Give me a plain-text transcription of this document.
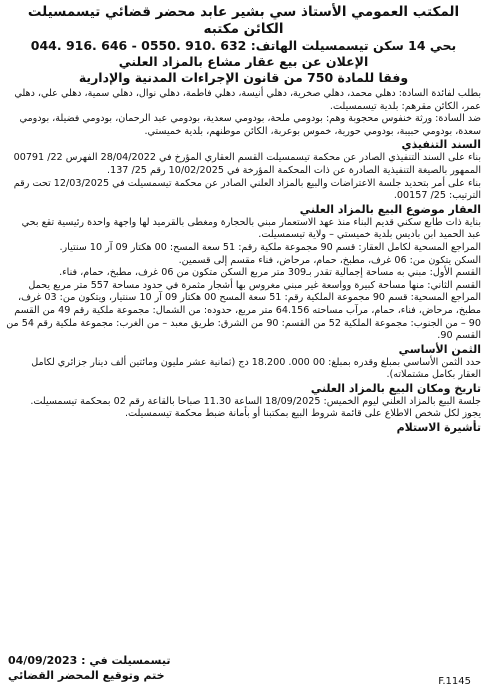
المكتب العمومي الأستاذ سي بشير عابد محضر قضائي تيسمسيلت الكائن مكتبه

بحي 14 سكن تيسمسيلت الهاتف: 632 .910 .0550 - 646 .916 .044

الإعلان عن بيع عقار مشاع بالمزاد العلني

وفقا للمادة 750 من قانون الإجراءات المدنية والإدارية

بطلب لفائدة السادة: دهلي محمد، دهلي صخرية، دهلي أنيسة، دهلي فاطمة، دهلي نوال، دهلي سمية، دهلي علي، دهلي عمر، الكائن مقرهم: بلدية تيسمسيلت.

ضد السادة: ورثة خنفوس محجوبة وهم: بودومي ملحة، بودومي سعدية، بودومي عبد الرحمان، بودومي فضيلة، بودومي سعدة، بودومي حبيبة، بودومي حورية، خموس بوعربة، الكائن موطنهم، بلدية خميستي.

السند التنفيذي

بناء على السند التنفيذي الصادر عن محكمة تيسمسيلت القسم العقاري المؤرخ في 28/04/2022 الفهرس 22/ 00791 الممهور بالصيغة التنفيذية الصادرة عن ذات المحكمة المؤرخة في 10/02/2025 رقم 25/ 137.

بناء على أمر بتحديد جلسة الاعتراضات والبيع بالمزاد العلني الصادر عن محكمة تيسمسيلت في 12/03/2025 تحت رقم الترتيب: 25/ 00157.

العقار موضوع البيع بالمزاد العلني

بناية ذات طابع سكني قديم البناء منذ عهد الاستعمار مبني بالحجارة ومغطى بالقرميد لها واجهة واحدة رئيسية تقع بحي عبد الحميد ابن باديس بلدية خميستي – ولاية تيسمسيلت.

المراجع المسحية لكامل العقار: قسم 90 مجموعة ملكية رقم: 51 سعة المسح: 00 هكتار 09 آر 10 سنتيار.

السكن يتكون من: 06 غرف، مطبخ، حمام، مرحاض، فناء مقسم إلى قسمين.

القسم الأول: مبني به مساحة إجمالية تقدر بـ309 متر مربع السكن متكون من 06 غرف، مطبخ، حمام، فناء.

القسم الثاني: منها مساحة كبيرة وواسعة غير مبني مغروس بها أشجار مثمرة في حدود مساحة 557 متر مربع يحمل المراجع المسحية: قسم 90 مجموعة الملكية رقم: 51 سعة المسح 00 هكتار 09 آر 10 سنتيار، ويتكون من: 03 غرف، مطبخ، مرحاض، فناء، حمام، مرآب مساحته 64.156 متر مربع، حدوده: من الشمال: مجموعة ملكية رقم 49 من القسم 90 – من الجنوب: مجموعة الملكية 52 من القسم: 90 من الشرق: طريق معبد – من الغرب: مجموعة ملكية رقم 54 من القسم 90.

الثمن الأساسي

حدد الثمن الأساسي بمبلغ وقدره بمبلغ: 00 000. 18.200 دج (ثمانية عشر مليون ومائتين ألف دينار جزائري لكامل العقار بكامل مشتملاته).

تاريخ ومكان البيع بالمزاد العلني

جلسة البيع بالمزاد العلني ليوم الخميس: 18/09/2025 الساعة 11.30 صباحا بالقاعة رقم 02 بمحكمة تيسمسيلت.

يجوز لكل شخص الاطلاع على قائمة شروط البيع بمكتبنا أو بأمانة ضبط محكمة تيسمسيلت.

تأشيرة الاستلام

تيسمسيلت في : 04/09/2023

ختم وتوقيع المحضر القضائي	F.1145
